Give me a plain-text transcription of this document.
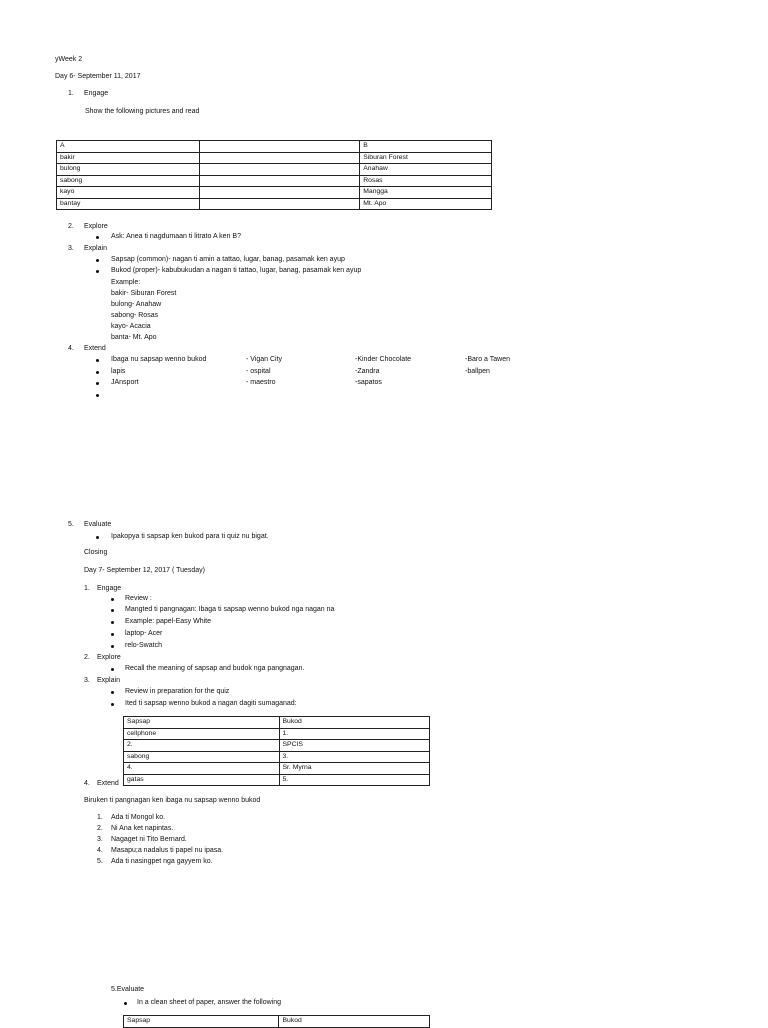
yWeek 2
Day 6- September 11, 2017
1. Engage
Show the following pictures and read
A		B
bakir		Siburan Forest
bulong		Anahaw
sabong		Rosas
kayo		Mangga
bantay		Mt. Apo
2. Explore
Ask: Anea ti nagdumaan ti litrato A ken B?
3. Explain
Sapsap (common)- nagan ti amin a tattao, lugar, banag, pasamak ken ayup
Bukod (proper)- kabubukudan a nagan ti tattao, lugar, banag, pasamak ken ayup
Example:
bakir- Siburan Forest
bulong- Anahaw
sabong- Rosas
kayo- Acacia
banta- Mt. Apo
4. Extend
Ibaga nu sapsap wenno bukod	- Vigan City	-Kinder Chocolate	-Baro a Tawen
lapis	- ospital	-Zandra	-ballpen
JAnsport	- maestro	-sapatos
5. Evaluate
Ipakopya ti sapsap ken bukod para ti quiz nu bigat.
Closing
Day 7- September 12, 2017 ( Tuesday)
1. Engage
Review :
Mangted ti pangnagan: Ibaga ti sapsap wenno bukod nga nagan na
Example: papel-Easy White
laptop- Acer
relo-Swatch
2. Explore
Recall the meaning of sapsap and budok nga pangnagan.
3. Explain
Review in preparation for the quiz
Ited ti sapsap wenno bukod a nagan dagiti sumaganad:
Sapsap	Bukod
cellphone	1.
2.	SPCIS
sabong	3.
4.	Sr. Myrna
gatas	5.
4. Extend
Biruken ti pangnagan ken ibaga nu sapsap wenno bukod
1. Ada ti Mongol ko.
2. Ni Ana ket napintas.
3. Nagaget ni Tito Bernard.
4. Masapu;a nadalus ti papel nu ipasa.
5. Ada ti nasingpet nga gayyem ko.
5.Evaluate
In a clean sheet of paper, answer the following
Sapsap	Bukod
